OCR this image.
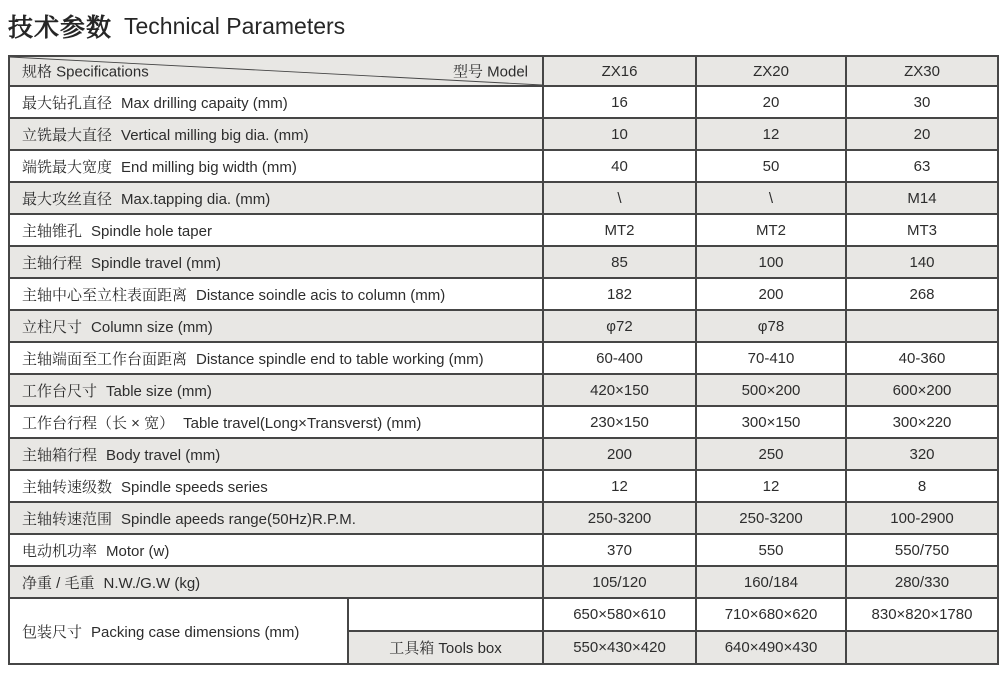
技术参数 Technical Parameters
规格 Specifications 型号 Model		ZX16	ZX20	ZX30
最大钻孔直径 Max drilling capaity (mm)		16	20	30
立铣最大直径 Vertical milling big dia. (mm)		10	12	20
端铣最大宽度 End milling big width (mm)		40	50	63
最大攻丝直径 Max.tapping dia. (mm)		\	\	M14
主轴锥孔 Spindle hole taper		MT2	MT2	MT3
主轴行程 Spindle travel (mm)		85	100	140
主轴中心至立柱表面距离 Distance soindle acis to column (mm)		182	200	268
立柱尺寸 Column size (mm)		φ72	φ78	
主轴端面至工作台面距离 Distance spindle end to table working (mm)		60-400	70-410	40-360
工作台尺寸 Table size (mm)		420×150	500×200	600×200
工作台行程（长 × 宽） Table travel(Long×Transverst) (mm)		230×150	300×150	300×220
主轴箱行程 Body travel (mm)		200	250	320
主轴转速级数 Spindle speeds series		12	12	8
主轴转速范围 Spindle apeeds range(50Hz)R.P.M.		250-3200	250-3200	100-2900
电动机功率 Motor (w)		370	550	550/750
净重 / 毛重 N.W./G.W (kg)		105/120	160/184	280/330
包装尺寸 Packing case dimensions (mm)		650×580×610	710×680×620	830×820×1780
	工具箱 Tools box	550×430×420	640×490×430	
